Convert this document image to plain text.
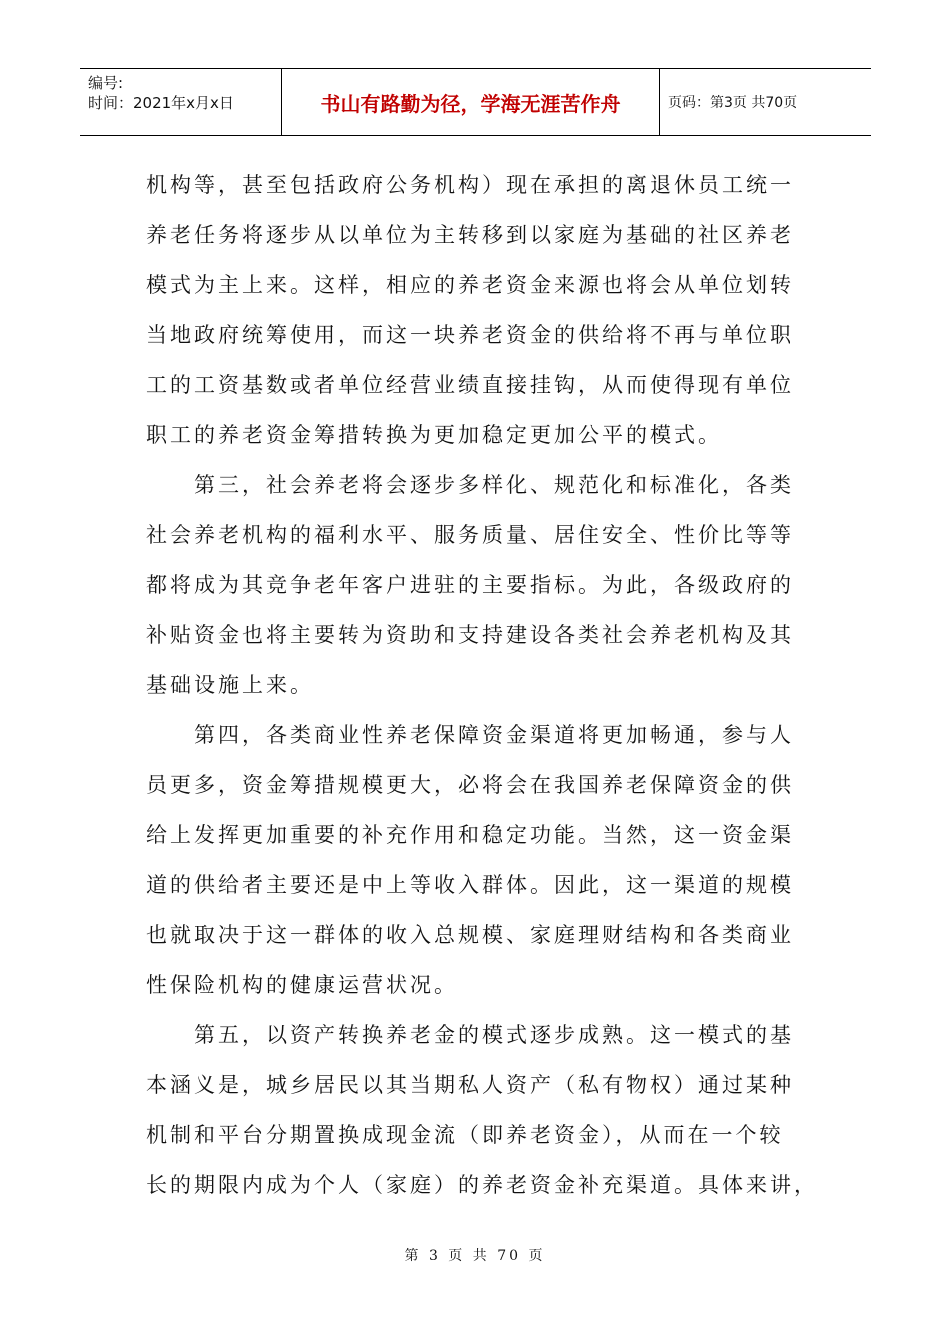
编号:
时间：2021年x月x日	书山有路勤为径，学海无涯苦作舟	页码：第3页 共70页
机构等，甚至包括政府公务机构）现在承担的离退休员工统一
养老任务将逐步从以单位为主转移到以家庭为基础的社区养老
模式为主上来。这样，相应的养老资金来源也将会从单位划转
当地政府统筹使用，而这一块养老资金的供给将不再与单位职
工的工资基数或者单位经营业绩直接挂钩，从而使得现有单位
职工的养老资金筹措转换为更加稳定更加公平的模式。
　　第三，社会养老将会逐步多样化、规范化和标准化，各类
社会养老机构的福利水平、服务质量、居住安全、性价比等等
都将成为其竞争老年客户进驻的主要指标。为此，各级政府的
补贴资金也将主要转为资助和支持建设各类社会养老机构及其
基础设施上来。
　　第四，各类商业性养老保障资金渠道将更加畅通，参与人
员更多，资金筹措规模更大，必将会在我国养老保障资金的供
给上发挥更加重要的补充作用和稳定功能。当然，这一资金渠
道的供给者主要还是中上等收入群体。因此，这一渠道的规模
也就取决于这一群体的收入总规模、家庭理财结构和各类商业
性保险机构的健康运营状况。
　　第五，以资产转换养老金的模式逐步成熟。这一模式的基
本涵义是，城乡居民以其当期私人资产（私有物权）通过某种
机制和平台分期置换成现金流（即养老资金），从而在一个较
长的期限内成为个人（家庭）的养老资金补充渠道。具体来讲，
第 3 页 共 70 页
